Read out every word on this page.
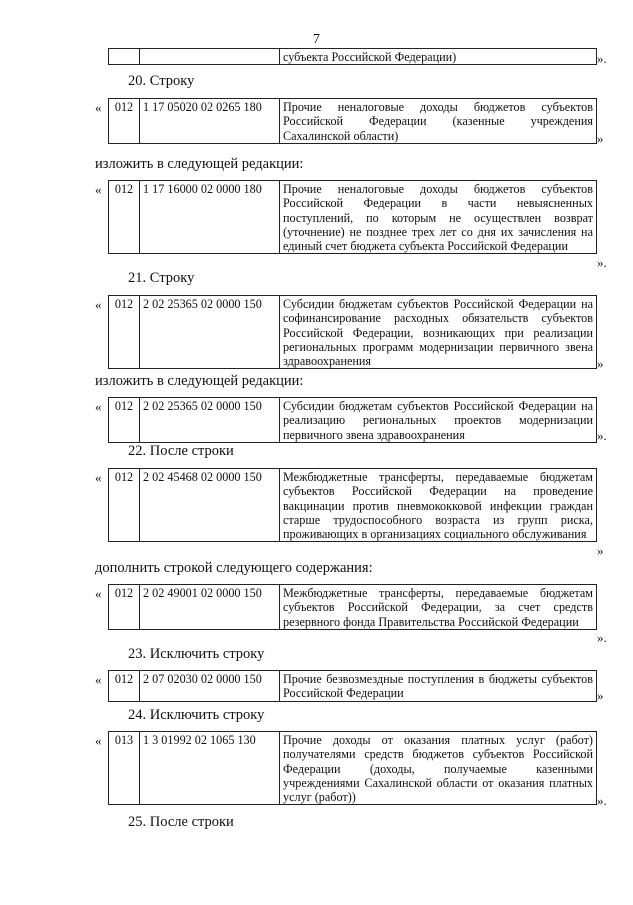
7
		субъекта Российской Федерации)	».
20. Строку
« 012	1 17 05020 02 0265 180	Прочие неналоговые доходы бюджетов субъектов Российской Федерации (казенные учреждения Сахалинской области)	»
изложить в следующей редакции:
« 012	1 17 16000 02 0000 180	Прочие неналоговые доходы бюджетов субъектов Российской Федерации в части невыясненных поступлений, по которым не осуществлен возврат (уточнение) не позднее трех лет со дня их зачисления на единый счет бюджета субъекта Российской Федерации
».
21. Строку
« 012	2 02 25365 02 0000 150	Субсидии бюджетам субъектов Российской Федерации на софинансирование расходных обязательств субъектов Российской Федерации, возникающих при реализации региональных программ модернизации первичного звена здравоохранения	»
изложить в следующей редакции:
« 012	2 02 25365 02 0000 150	Субсидии бюджетам субъектов Российской Федерации на реализацию региональных проектов модернизации первичного звена здравоохранения	».
22. После строки
« 012	2 02 45468 02 0000 150	Межбюджетные трансферты, передаваемые бюджетам субъектов Российской Федерации на проведение вакцинации против пневмококковой инфекции граждан старше трудоспособного возраста из групп риска, проживающих в организациях социального обслуживания
»
дополнить строкой следующего содержания:
« 012	2 02 49001 02 0000 150	Межбюджетные трансферты, передаваемые бюджетам субъектов Российской Федерации, за счет средств резервного фонда Правительства Российской Федерации
».
23. Исключить строку
« 012	2 07 02030 02 0000 150	Прочие безвозмездные поступления в бюджеты субъектов Российской Федерации	»
24. Исключить строку
« 013	1 3 01992 02 1065 130	Прочие доходы от оказания платных услуг (работ) получателями средств бюджетов субъектов Российской Федерации (доходы, получаемые казенными учреждениями Сахалинской области от оказания платных услуг (работ))	».
25. После строки
